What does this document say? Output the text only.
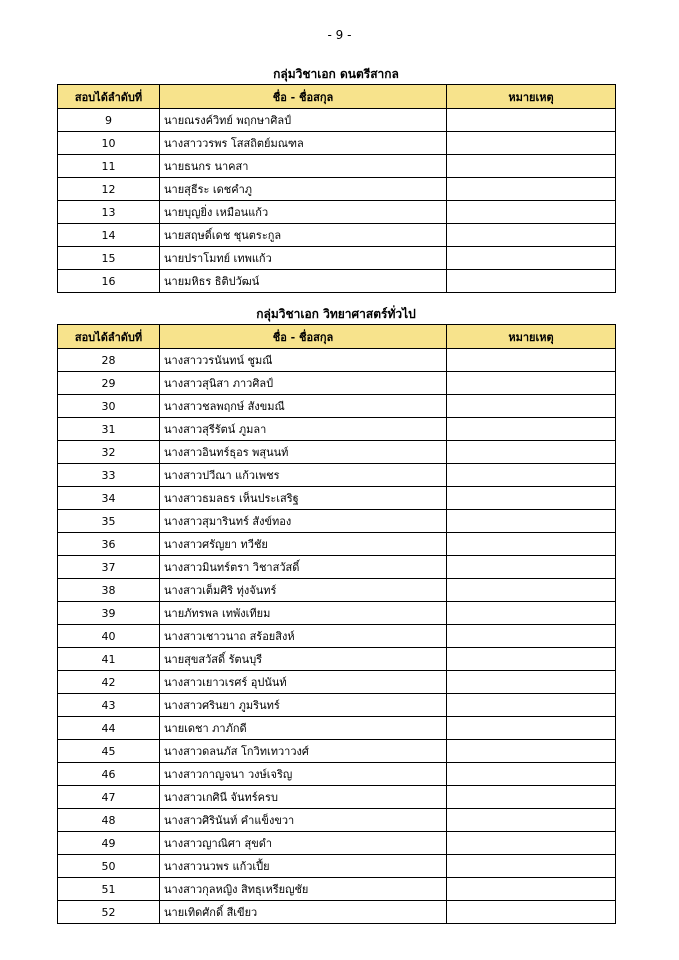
- 9 -
กลุ่มวิชาเอก ดนตรีสากล
สอบได้ลำดับที่	ชื่อ - ชื่อสกุล	หมายเหตุ
9	นายณรงค์วิทย์ พฤกษาศิลป์	
10	นางสาววรพร โสสถิตย์มณฑล	
11	นายธนกร นาคสา	
12	นายสุธีระ เดชคำภู	
13	นายบุญยิ่ง เหมือนแก้ว	
14	นายสฤษดิ์เดช ชุนตระกูล	
15	นายปราโมทย์ เทพแก้ว	
16	นายมหิธร ธิติปวัฒน์	
กลุ่มวิชาเอก วิทยาศาสตร์ทั่วไป
สอบได้ลำดับที่	ชื่อ - ชื่อสกุล	หมายเหตุ
28	นางสาววรนันทน์ ชูมณี	
29	นางสาวสุนิสา ภาวศิลป์	
30	นางสาวชลพฤกษ์ สังขมณี	
31	นางสาวสุรีรัตน์ ภูมลา	
32	นางสาวอินทร์ธุอร พสุนนท์	
33	นางสาวปวีณา แก้วเพชร	
34	นางสาวธมลธร เห็นประเสริฐ	
35	นางสาวสุมารินทร์ สังข์ทอง	
36	นางสาวศรัญยา ทวีชัย	
37	นางสาวมินทร์ตรา วิชาสวัสดิ์	
38	นางสาวเต็มศิริ ทุ่งจันทร์	
39	นายภัทรพล เทพังเทียม	
40	นางสาวเชาวนาถ สร้อยสิงห์	
41	นายสุขสวัสดิ์ รัตนบุรี	
42	นางสาวเยาวเรศร์ อุปนันท์	
43	นางสาวศรินยา ภูมรินทร์	
44	นายเดชา ภาภักดี	
45	นางสาวดลนภัส โกวิทเทวาวงศ์	
46	นางสาวกาญจนา วงษ์เจริญ	
47	นางสาวเกศินี จันทร์ครบ	
48	นางสาวศิรินันท์ คำแข็งขวา	
49	นางสาวญาณิศา สุขดำ	
50	นางสาวนวพร แก้วเปี้ย	
51	นางสาวกุลหญิง สิทธุเหรียญชัย	
52	นายเทิดศักดิ์ สีเขียว	
